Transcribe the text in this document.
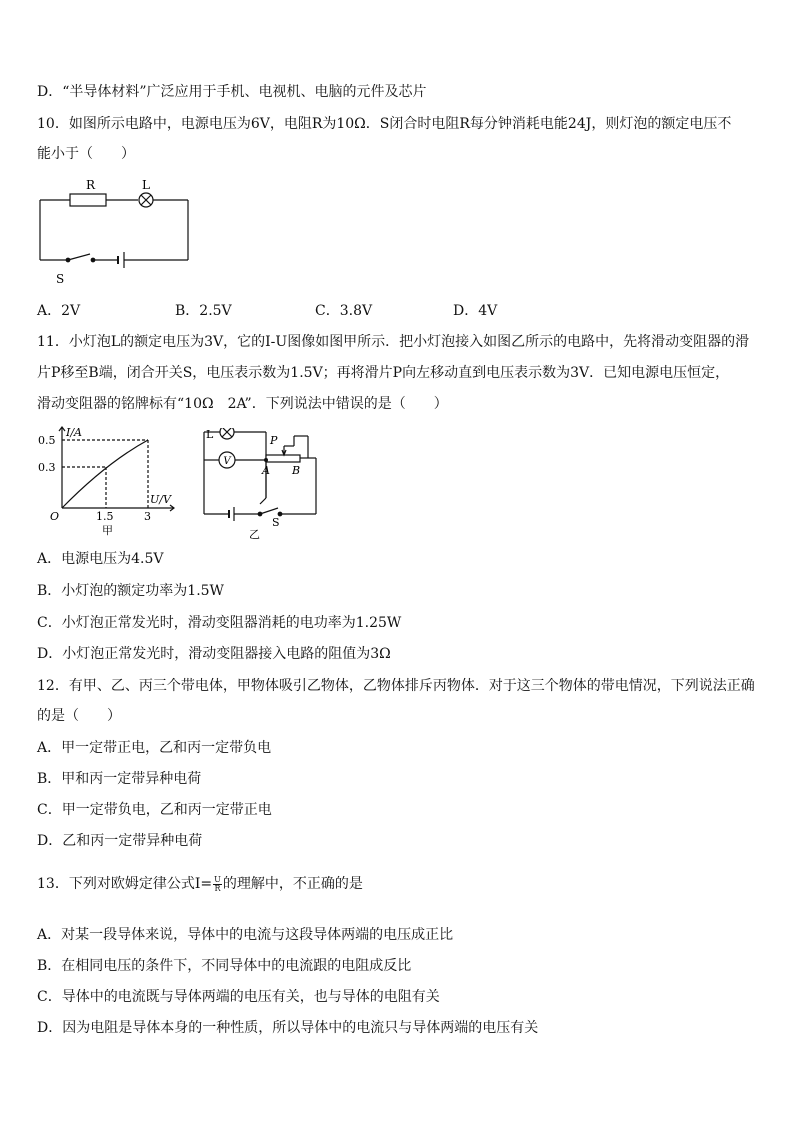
D．“半导体材料”广泛应用于手机、电视机、电脑的元件及芯片
10．如图所示电路中，电源电压为6V，电阻R为10Ω．S闭合时电阻R每分钟消耗电能24J，则灯泡的额定电压不
能小于（　　）
R	L
S
A．2V	B．2.5V	C．3.8V	D．4V
11．小灯泡L的额定电压为3V，它的I-U图像如图甲所示．把小灯泡接入如图乙所示的电路中，先将滑动变阻器的滑
片P移至B端，闭合开关S，电压表示数为1.5V；再将滑片P向左移动直到电压表示数为3V．已知电源电压恒定，
滑动变阻器的铭牌标有“10Ω　2A”．下列说法中错误的是（　　）
I/A
U/V
O
0.5
0.3
1.5	3
甲
V
L	P
A B
S
乙
A．电源电压为4.5V
B．小灯泡的额定功率为1.5W
C．小灯泡正常发光时，滑动变阻器消耗的电功率为1.25W
D．小灯泡正常发光时，滑动变阻器接入电路的阻值为3Ω
12．有甲、乙、丙三个带电体，甲物体吸引乙物体，乙物体排斥丙物体．对于这三个物体的带电情况，下列说法正确
的是（　　）
A．甲一定带正电，乙和丙一定带负电
B．甲和丙一定带异种电荷
C．甲一定带负电，乙和丙一定带正电
D．乙和丙一定带异种电荷
13．下列对欧姆定律公式$I= \frac{U}{R}$ 的理解中，不正确的是
A．对某一段导体来说，导体中的电流与这段导体两端的电压成正比
B．在相同电压的条件下，不同导体中的电流跟的电阻成反比
C．导体中的电流既与导体两端的电压有关，也与导体的电阻有关
D．因为电阻是导体本身的一种性质，所以导体中的电流只与导体两端的电压有关
